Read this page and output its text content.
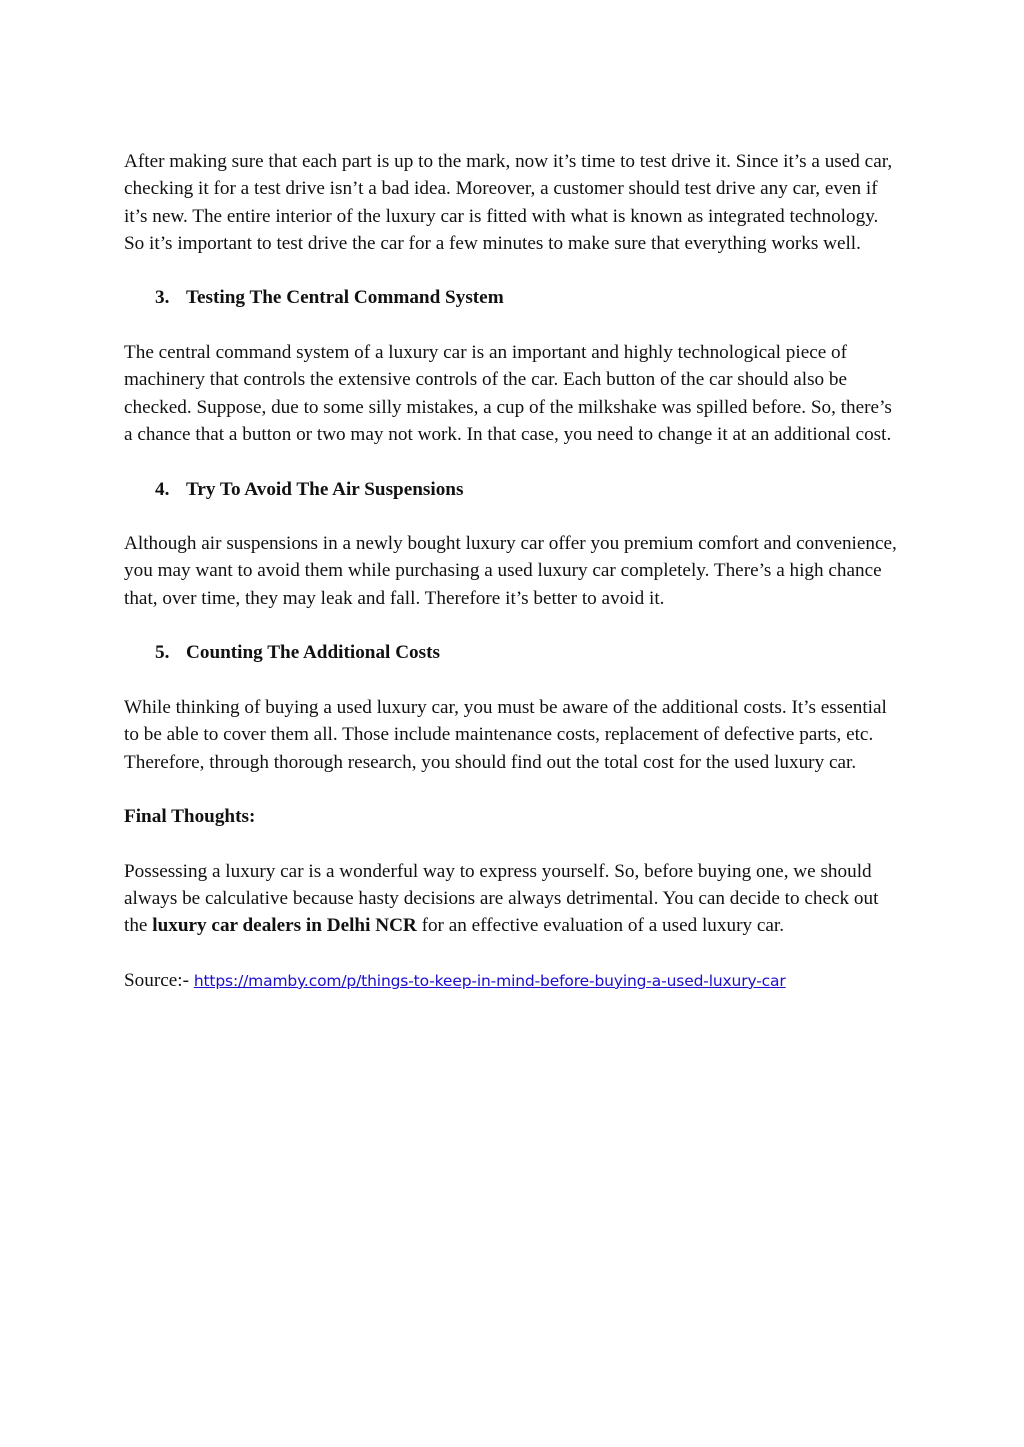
After making sure that each part is up to the mark, now it’s time to test drive it. Since it’s a used car, checking it for a test drive isn’t a bad idea. Moreover, a customer should test drive any car, even if it’s new. The entire interior of the luxury car is fitted with what is known as integrated technology. So it’s important to test drive the car for a few minutes to make sure that everything works well.

3. Testing The Central Command System

The central command system of a luxury car is an important and highly technological piece of machinery that controls the extensive controls of the car. Each button of the car should also be checked. Suppose, due to some silly mistakes, a cup of the milkshake was spilled before. So, there’s a chance that a button or two may not work. In that case, you need to change it at an additional cost.

4. Try To Avoid The Air Suspensions

Although air suspensions in a newly bought luxury car offer you premium comfort and convenience, you may want to avoid them while purchasing a used luxury car completely. There’s a high chance that, over time, they may leak and fall. Therefore it’s better to avoid it.

5. Counting The Additional Costs

While thinking of buying a used luxury car, you must be aware of the additional costs. It’s essential to be able to cover them all. Those include maintenance costs, replacement of defective parts, etc. Therefore, through thorough research, you should find out the total cost for the used luxury car.

Final Thoughts:

Possessing a luxury car is a wonderful way to express yourself. So, before buying one, we should always be calculative because hasty decisions are always detrimental. You can decide to check out the luxury car dealers in Delhi NCR for an effective evaluation of a used luxury car.

Source:- https://mamby.com/p/things-to-keep-in-mind-before-buying-a-used-luxury-car
